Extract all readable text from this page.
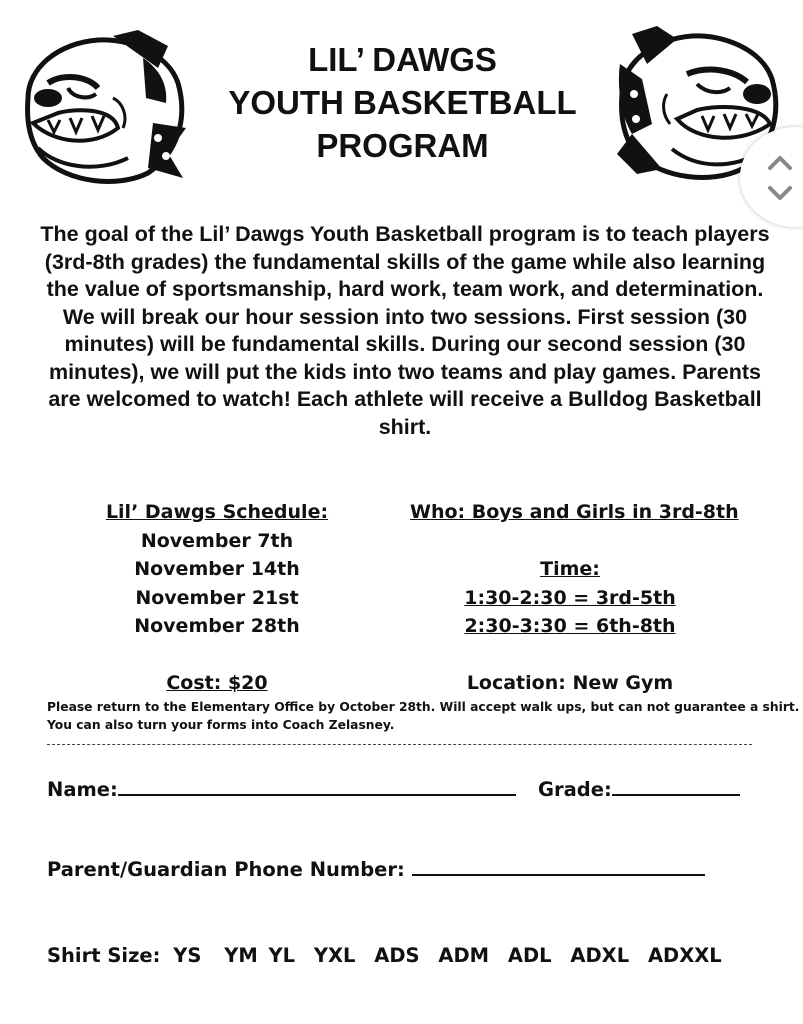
LIL’ DAWGS
YOUTH BASKETBALL
PROGRAM

The goal of the Lil’ Dawgs Youth Basketball program is to teach players (3rd-8th grades) the fundamental skills of the game while also learning the value of sportsmanship, hard work, team work, and determination.

We will break our hour session into two sessions. First session (30 minutes) will be fundamental skills. During our second session (30 minutes), we will put the kids into two teams and play games. Parents are welcomed to watch! Each athlete will receive a Bulldog Basketball shirt.

Lil’ Dawgs Schedule:
November 7th
November 14th
November 21st
November 28th
Who: Boys and Girls in 3rd-8th

Time:
1:30-2:30 = 3rd-5th
2:30-3:30 = 6th-8th
Cost: $20	Location: New Gym
Please return to the Elementary Office by October 28th. Will accept walk ups, but can not guarantee a shirt.
You can also turn your forms into Coach Zelasney.
Name:	Grade:
Parent/Guardian Phone Number:
Shirt Size: YS YM YL YXL ADS ADM ADL ADXL ADXXL
